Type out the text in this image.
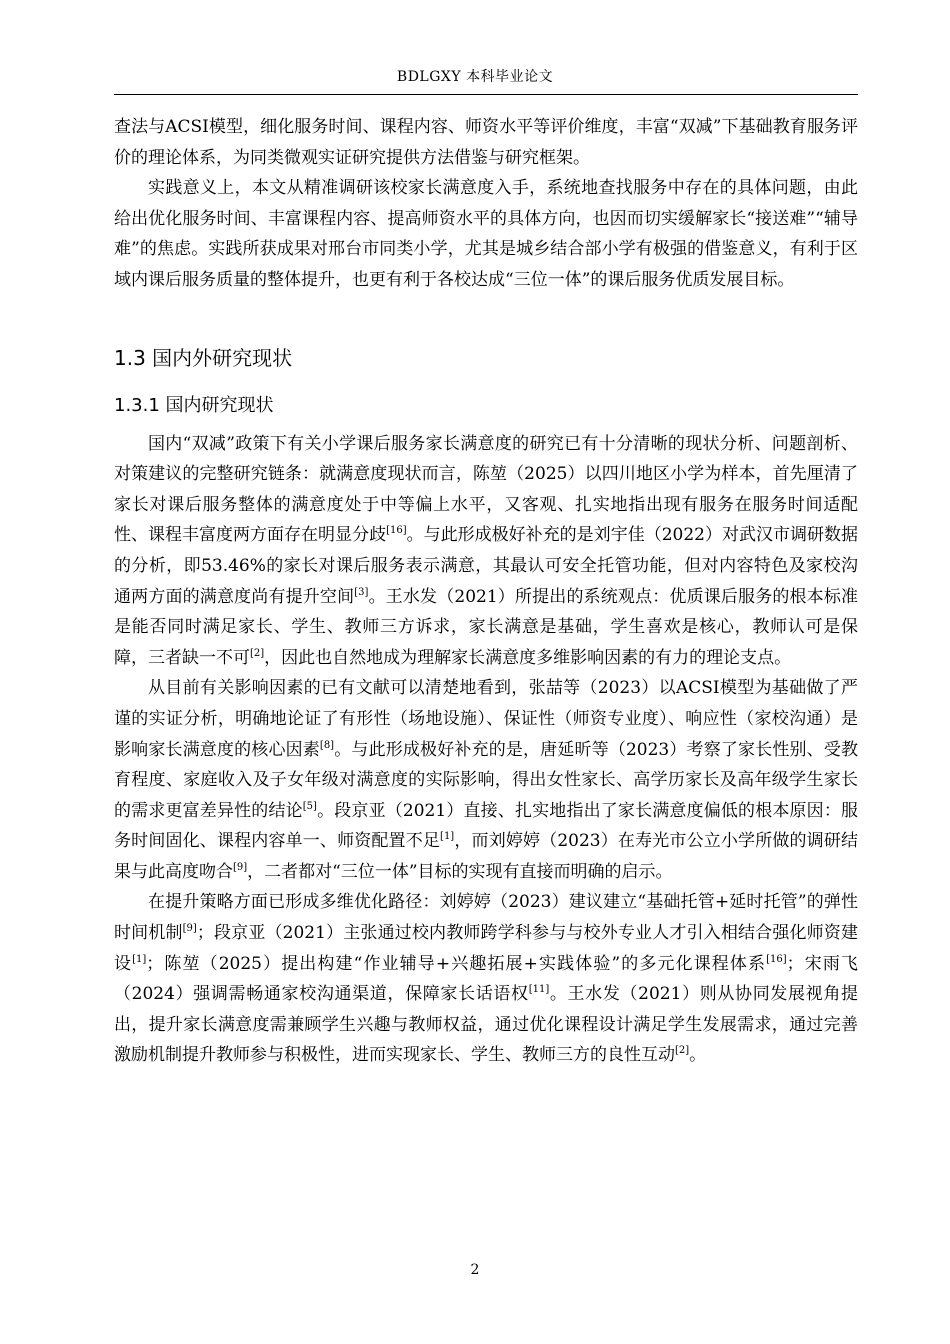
BDLGXY 本科毕业论文

查法与ACSI模型，细化服务时间、课程内容、师资水平等评价维度，丰富“双减”下基础教育服务评价的理论体系，为同类微观实证研究提供方法借鉴与研究框架。

实践意义上，本文从精准调研该校家长满意度入手，系统地查找服务中存在的具体问题，由此给出优化服务时间、丰富课程内容、提高师资水平的具体方向，也因而切实缓解家长“接送难”“辅导难”的焦虑。实践所获成果对邢台市同类小学，尤其是城乡结合部小学有极强的借鉴意义，有利于区域内课后服务质量的整体提升，也更有利于各校达成“三位一体”的课后服务优质发展目标。

1.3 国内外研究现状
1.3.1 国内研究现状

国内“双减”政策下有关小学课后服务家长满意度的研究已有十分清晰的现状分析、问题剖析、对策建议的完整研究链条：就满意度现状而言，陈堃（2025）以四川地区小学为样本，首先厘清了家长对课后服务整体的满意度处于中等偏上水平，又客观、扎实地指出现有服务在服务时间适配性、课程丰富度两方面存在明显分歧[16]。与此形成极好补充的是刘宇佳（2022）对武汉市调研数据的分析，即53.46%的家长对课后服务表示满意，其最认可安全托管功能，但对内容特色及家校沟通两方面的满意度尚有提升空间[3]。王水发（2021）所提出的系统观点：优质课后服务的根本标准是能否同时满足家长、学生、教师三方诉求，家长满意是基础，学生喜欢是核心，教师认可是保障，三者缺一不可[2]，因此也自然地成为理解家长满意度多维影响因素的有力的理论支点。

从目前有关影响因素的已有文献可以清楚地看到，张喆等（2023）以ACSI模型为基础做了严谨的实证分析，明确地论证了有形性（场地设施）、保证性（师资专业度）、响应性（家校沟通）是影响家长满意度的核心因素[8]。与此形成极好补充的是，唐延昕等（2023）考察了家长性别、受教育程度、家庭收入及子女年级对满意度的实际影响，得出女性家长、高学历家长及高年级学生家长的需求更富差异性的结论[5]。段京亚（2021）直接、扎实地指出了家长满意度偏低的根本原因：服务时间固化、课程内容单一、师资配置不足[1]，而刘婷婷（2023）在寿光市公立小学所做的调研结果与此高度吻合[9]，二者都对“三位一体”目标的实现有直接而明确的启示。

在提升策略方面已形成多维优化路径：刘婷婷（2023）建议建立“基础托管+延时托管”的弹性时间机制[9]；段京亚（2021）主张通过校内教师跨学科参与与校外专业人才引入相结合强化师资建设[1]；陈堃（2025）提出构建“作业辅导+兴趣拓展+实践体验”的多元化课程体系[16]；宋雨飞（2024）强调需畅通家校沟通渠道，保障家长话语权[11]。王水发（2021）则从协同发展视角提出，提升家长满意度需兼顾学生兴趣与教师权益，通过优化课程设计满足学生发展需求，通过完善激励机制提升教师参与积极性，进而实现家长、学生、教师三方的良性互动[2]。

2
